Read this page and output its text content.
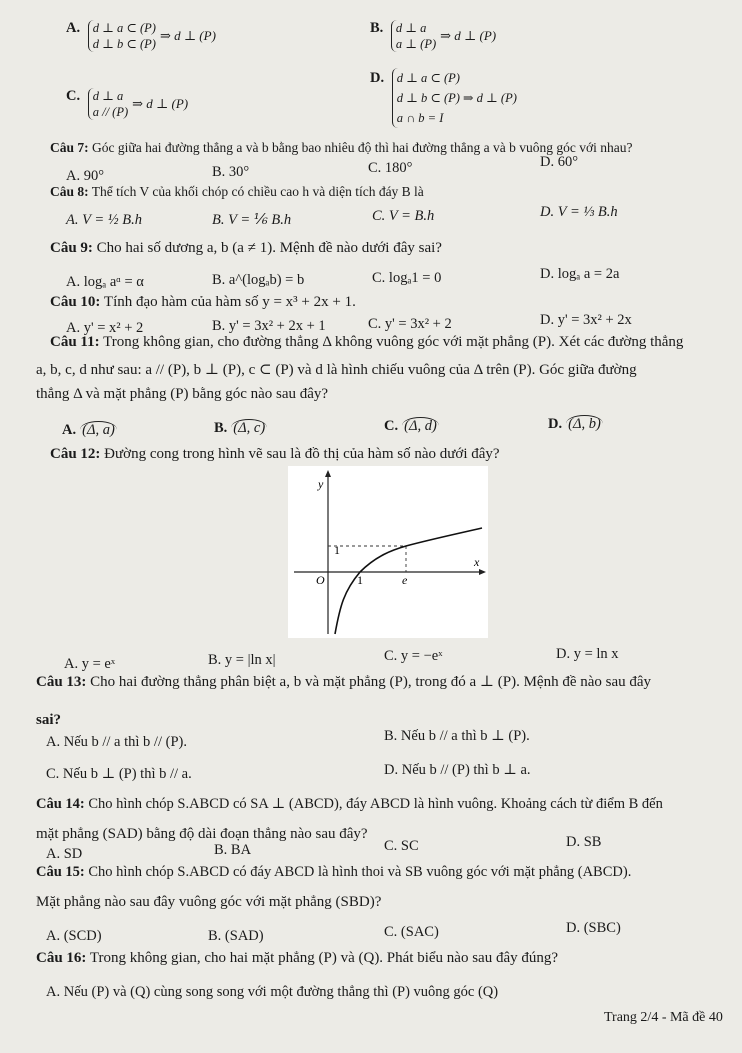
A. d ⊥ a ⊂ (P)
d ⊥ b ⊂ (P)
⇒ d ⊥ (P)	B. d ⊥ a
a ⊥ (P)
⇒ d ⊥ (P)
C. d ⊥ a
a // (P)
⇒ d ⊥ (P)
D. d ⊥ a ⊂ (P)
d ⊥ b ⊂ (P) ⇒ d ⊥ (P)
a ∩ b = I
Câu 7: Góc giữa hai đường thẳng a và b bằng bao nhiêu độ thì hai đường thẳng a và b vuông góc với nhau?
A. 90°	B. 30°	C. 180°	D. 60°
Câu 8: Thể tích V của khối chóp có chiều cao h và diện tích đáy B là
A. V = ½ B.h	B. V = ⅙ B.h	C. V = B.h	D. V = ⅓ B.h
Câu 9: Cho hai số dương a, b (a ≠ 1). Mệnh đề nào dưới đây sai?
A. logₐ aᵅ = α	B. a^(logₐb) = b	C. logₐ1 = 0	D. logₐ a = 2a
Câu 10: Tính đạo hàm của hàm số y = x³ + 2x + 1.
A. y' = x² + 2	B. y' = 3x² + 2x + 1	C. y' = 3x² + 2	D. y' = 3x² + 2x
Câu 11: Trong không gian, cho đường thẳng Δ không vuông góc với mặt phẳng (P). Xét các đường thẳng
a, b, c, d như sau: a // (P), b ⊥ (P), c ⊂ (P) và d là hình chiếu vuông của Δ trên (P). Góc giữa đường
thẳng Δ và mặt phẳng (P) bằng góc nào sau đây?
A. (Δ, a)	B. (Δ, c)	C. (Δ, d)	D. (Δ, b)
Câu 12: Đường cong trong hình vẽ sau là đồ thị của hàm số nào dưới đây?
y
x
O	1	e
1
A. y = eˣ	B. y = |ln x|	C. y = −eˣ	D. y = ln x
Câu 13: Cho hai đường thẳng phân biệt a, b và mặt phẳng (P), trong đó a ⊥ (P). Mệnh đề nào sau đây
sai?
A. Nếu b // a thì b // (P).	B. Nếu b // a thì b ⊥ (P).
C. Nếu b ⊥ (P) thì b // a.	D. Nếu b // (P) thì b ⊥ a.
Câu 14: Cho hình chóp S.ABCD có SA ⊥ (ABCD), đáy ABCD là hình vuông. Khoảng cách từ điểm B đến
mặt phẳng (SAD) bằng độ dài đoạn thẳng nào sau đây?
A. SD	B. BA	C. SC	D. SB
Câu 15: Cho hình chóp S.ABCD có đáy ABCD là hình thoi và SB vuông góc với mặt phẳng (ABCD).
Mặt phẳng nào sau đây vuông góc với mặt phẳng (SBD)?
A. (SCD)	B. (SAD)	C. (SAC)	D. (SBC)
Câu 16: Trong không gian, cho hai mặt phẳng (P) và (Q). Phát biểu nào sau đây đúng?
A. Nếu (P) và (Q) cùng song song với một đường thẳng thì (P) vuông góc (Q)
Trang 2/4 - Mã đề 40
